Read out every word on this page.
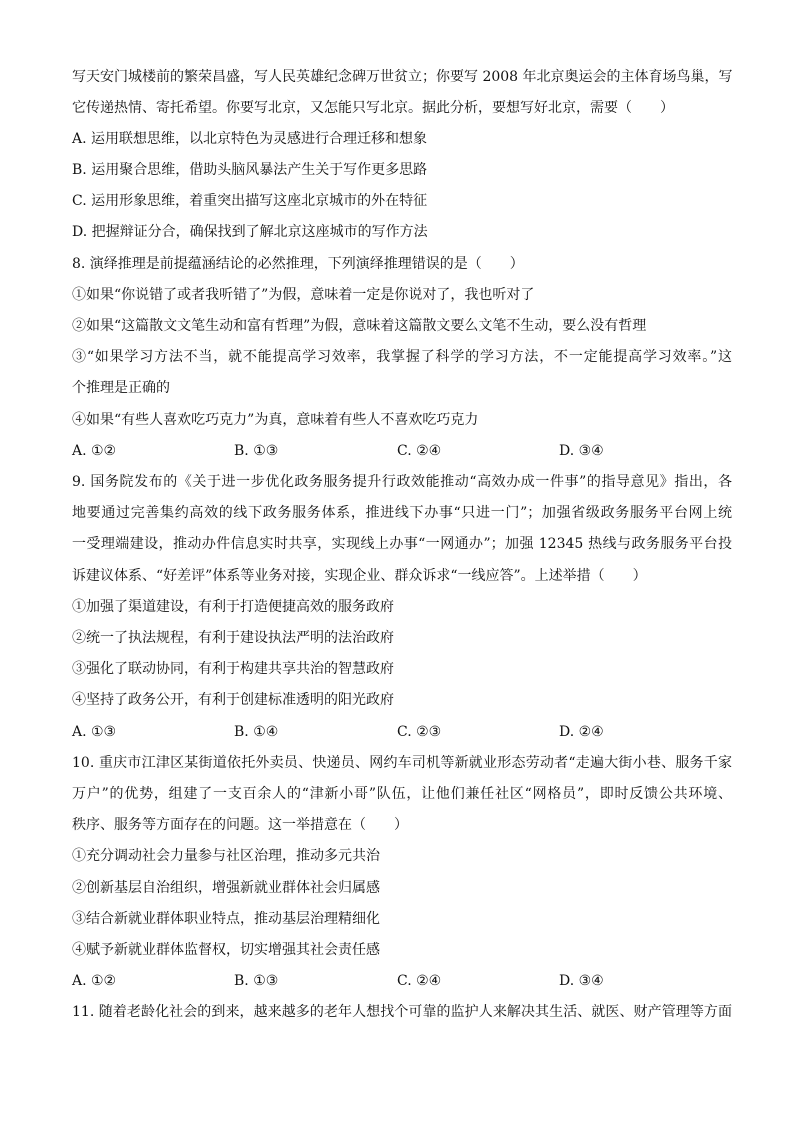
写天安门城楼前的繁荣昌盛，写人民英雄纪念碑万世贫立；你要写 2008 年北京奥运会的主体育场鸟巢，写
它传递热情、寄托希望。你要写北京，又怎能只写北京。据此分析，要想写好北京，需要（　　）
A. 运用联想思维，以北京特色为灵感进行合理迁移和想象
B. 运用聚合思维，借助头脑风暴法产生关于写作更多思路
C. 运用形象思维，着重突出描写这座北京城市的外在特征
D. 把握辩证分合，确保找到了解北京这座城市的写作方法
8. 演绎推理是前提蕴涵结论的必然推理，下列演绎推理错误的是（　　）
①如果“你说错了或者我听错了”为假，意味着一定是你说对了，我也听对了
②如果“这篇散文文笔生动和富有哲理”为假，意味着这篇散文要么文笔不生动，要么没有哲理
③“如果学习方法不当，就不能提高学习效率，我掌握了科学的学习方法，不一定能提高学习效率。”这
个推理是正确的
④如果“有些人喜欢吃巧克力”为真，意味着有些人不喜欢吃巧克力
A. ①②	B. ①③	C. ②④	D. ③④
9. 国务院发布的《关于进一步优化政务服务提升行政效能推动“高效办成一件事”的指导意见》指出，各
地要通过完善集约高效的线下政务服务体系，推进线下办事“只进一门”；加强省级政务服务平台网上统
一受理端建设，推动办件信息实时共享，实现线上办事“一网通办”；加强 12345 热线与政务服务平台投
诉建议体系、“好差评”体系等业务对接，实现企业、群众诉求“一线应答”。上述举措（　　）
①加强了渠道建设，有利于打造便捷高效的服务政府
②统一了执法规程，有利于建设执法严明的法治政府
③强化了联动协同，有利于构建共享共治的智慧政府
④坚持了政务公开，有利于创建标准透明的阳光政府
A. ①③	B. ①④	C. ②③	D. ②④
10. 重庆市江津区某街道依托外卖员、快递员、网约车司机等新就业形态劳动者“走遍大街小巷、服务千家
万户”的优势，组建了一支百余人的“津新小哥”队伍，让他们兼任社区“网格员”，即时反馈公共环境、
秩序、服务等方面存在的问题。这一举措意在（　　）
①充分调动社会力量参与社区治理，推动多元共治
②创新基层自治组织，增强新就业群体社会归属感
③结合新就业群体职业特点，推动基层治理精细化
④赋予新就业群体监督权，切实增强其社会责任感
A. ①②	B. ①③	C. ②④	D. ③④
11. 随着老龄化社会的到来，越来越多的老年人想找个可靠的监护人来解决其生活、就医、财产管理等方面
